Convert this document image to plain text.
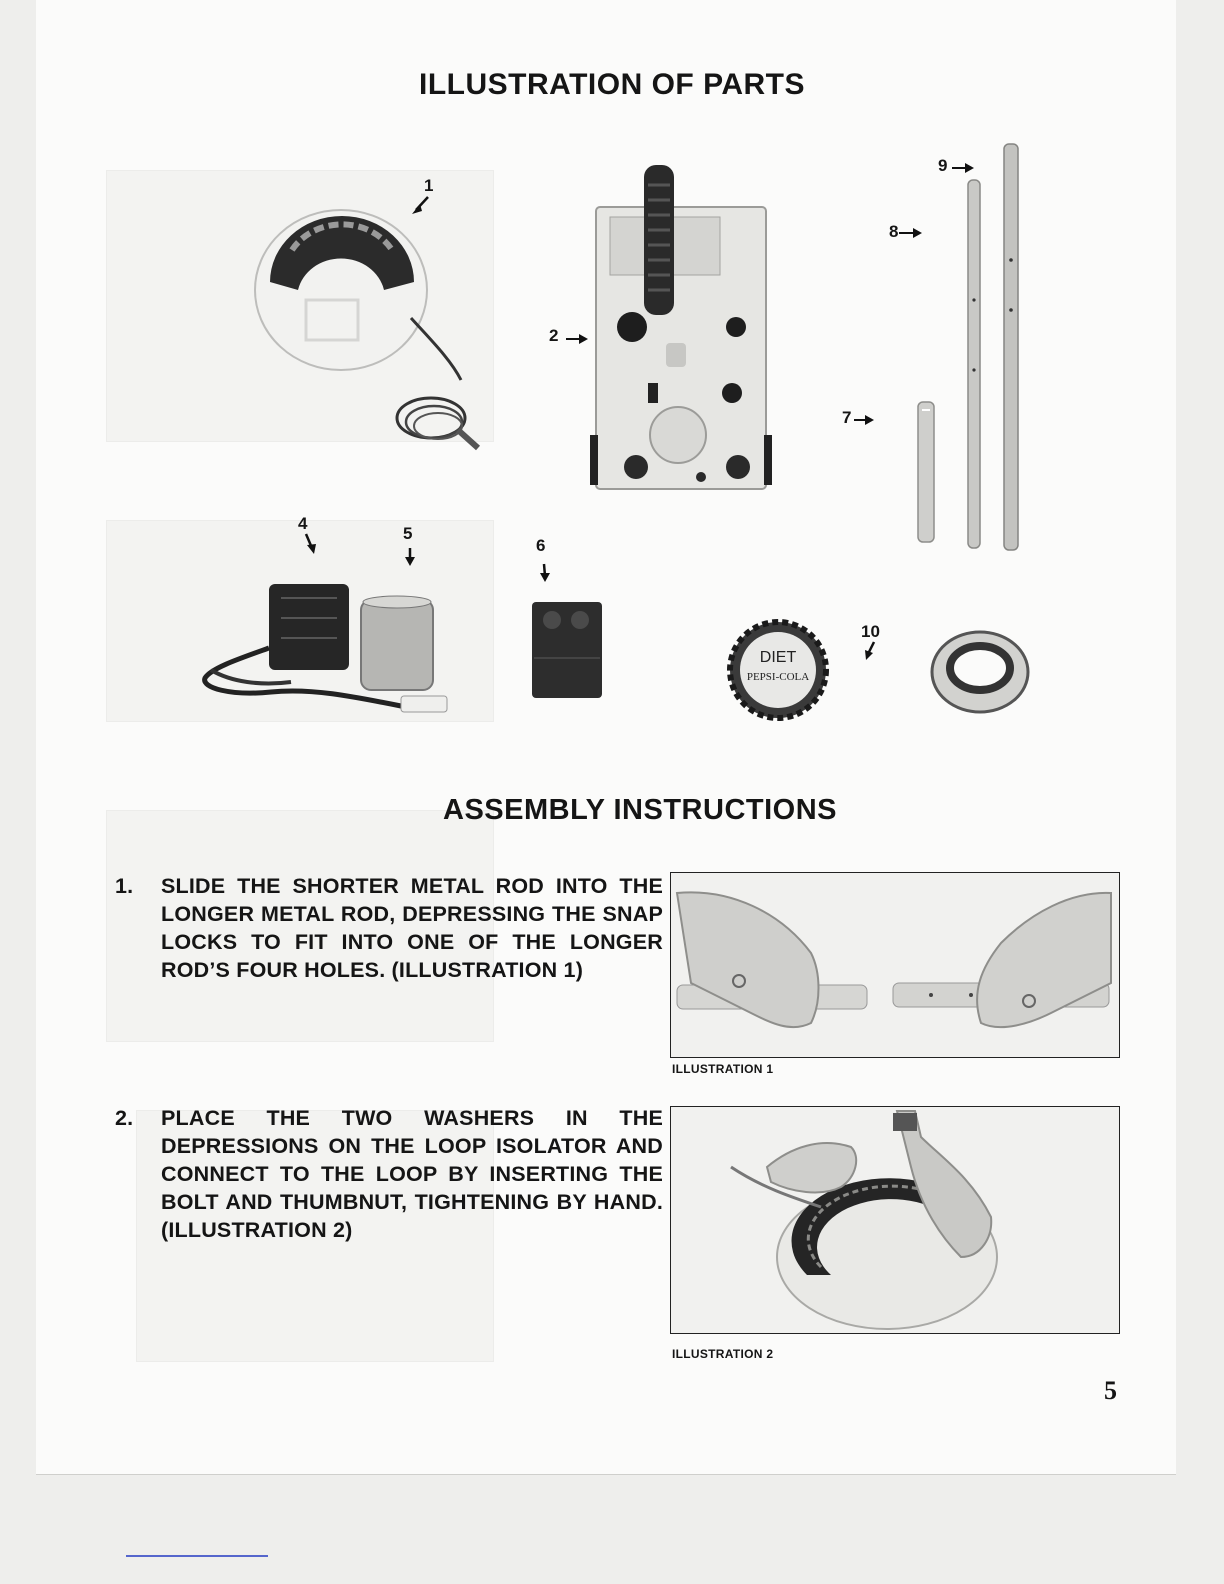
DIET
PEPSI-COLA
ILLUSTRATION OF PARTS
1
2
7
8
9
4
5
6
10
ASSEMBLY INSTRUCTIONS
1. SLIDE THE SHORTER METAL ROD INTO THE LONGER METAL ROD, DEPRESSING THE SNAP LOCKS TO FIT INTO ONE OF THE LONGER ROD’S FOUR HOLES. (ILLUSTRATION 1)
ILLUSTRATION 1
2. PLACE THE TWO WASHERS IN THE DEPRESSIONS ON THE LOOP ISOLATOR AND CONNECT TO THE LOOP BY INSERTING THE BOLT AND THUMBNUT, TIGHTENING BY HAND. (ILLUSTRATION 2)
ILLUSTRATION 2
5
